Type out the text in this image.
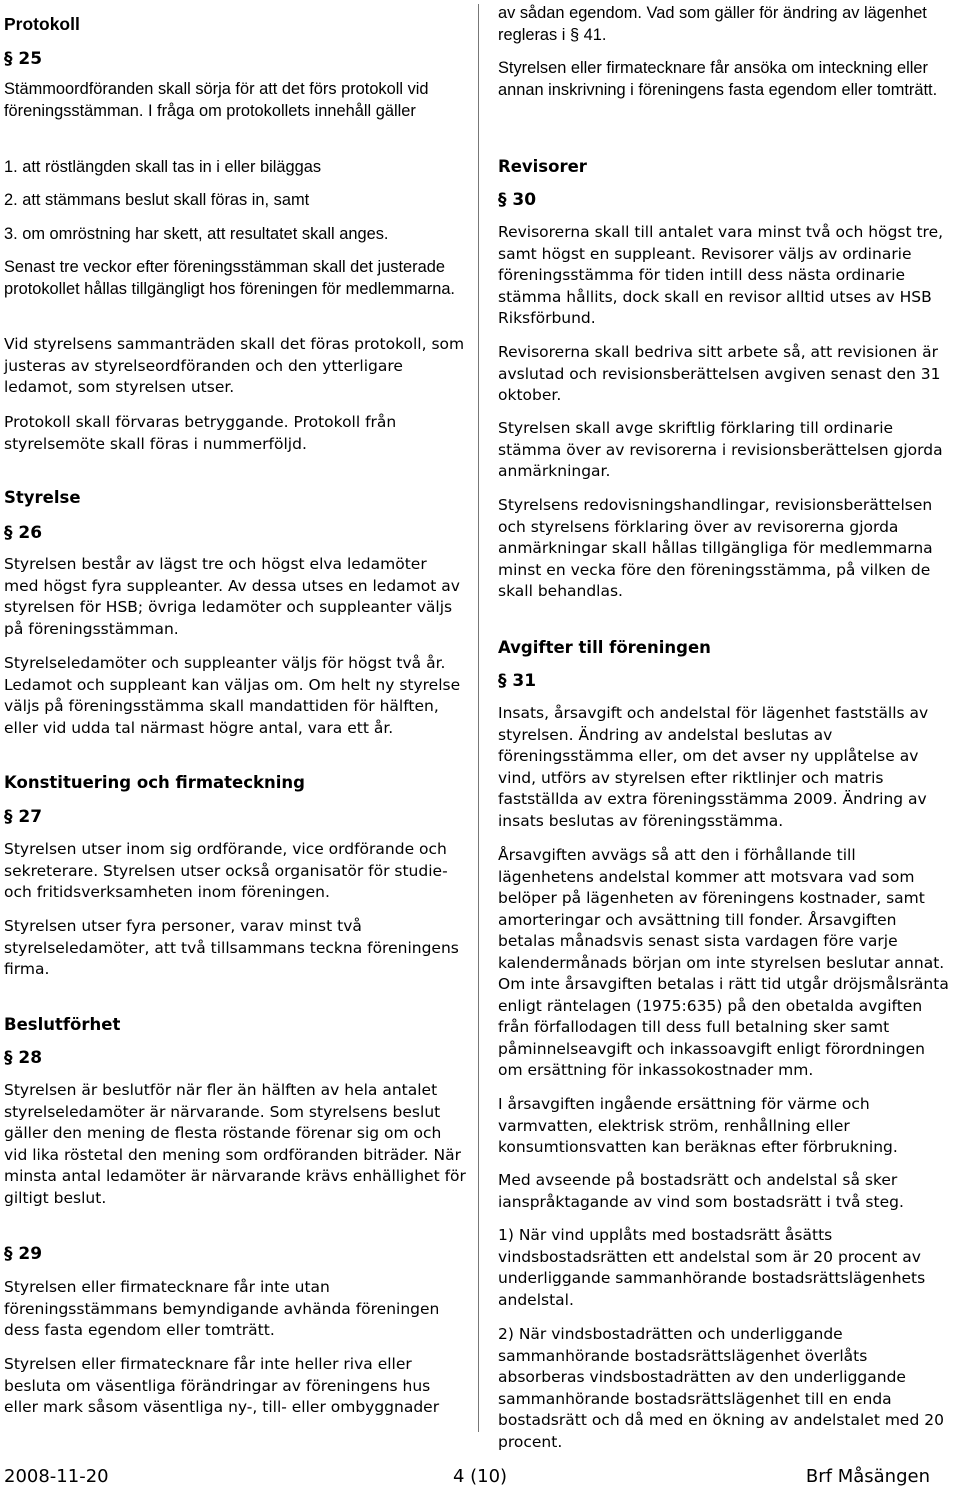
Protokoll
§ 25

Stämmoordföranden skall sörja för att det förs protokoll vid föreningsstämman. I fråga om protokollets innehåll gäller

1. att röstlängden skall tas in i eller biläggas

2. att stämmans beslut skall föras in, samt

3. om omröstning har skett, att resultatet skall anges.

Senast tre veckor efter föreningsstämman skall det justerade protokollet hållas tillgängligt hos föreningen för medlemmarna.

Vid styrelsens sammanträden skall det föras protokoll, som justeras av styrelseordföranden och den ytterligare ledamot, som styrelsen utser.

Protokoll skall förvaras betryggande. Protokoll från styrelsemöte skall föras i nummerföljd.

Styrelse
§ 26

Styrelsen består av lägst tre och högst elva ledamöter med högst fyra suppleanter. Av dessa utses en ledamot av styrelsen för HSB; övriga ledamöter och suppleanter väljs på föreningsstämman.

Styrelseledamöter och suppleanter väljs för högst två år. Ledamot och suppleant kan väljas om. Om helt ny styrelse väljs på föreningsstämma skall mandattiden för hälften, eller vid udda tal närmast högre antal, vara ett år.

Konstituering och firmateckning
§ 27

Styrelsen utser inom sig ordförande, vice ordförande och sekreterare. Styrelsen utser också organisatör för studie- och fritidsverksamheten inom föreningen.

Styrelsen utser fyra personer, varav minst två styrelseledamöter, att två tillsammans teckna föreningens firma.

Beslutförhet
§ 28

Styrelsen är beslutför när fler än hälften av hela antalet styrelseledamöter är närvarande. Som styrelsens beslut gäller den mening de flesta röstande förenar sig om och vid lika röstetal den mening som ordföranden biträder. När minsta antal ledamöter är närvarande krävs enhällighet för giltigt beslut.

§ 29

Styrelsen eller firmatecknare får inte utan föreningsstämmans bemyndigande avhända föreningen dess fasta egendom eller tomträtt.

Styrelsen eller firmatecknare får inte heller riva eller besluta om väsentliga förändringar av föreningens hus eller mark såsom väsentliga ny-, till- eller ombyggnader

av sådan egendom. Vad som gäller för ändring av lägenhet regleras i § 41.

Styrelsen eller firmatecknare får ansöka om inteckning eller annan inskrivning i föreningens fasta egendom eller tomträtt.

Revisorer
§ 30

Revisorerna skall till antalet vara minst två och högst tre, samt högst en suppleant. Revisorer väljs av ordinarie föreningsstämma för tiden intill dess nästa ordinarie stämma hållits, dock skall en revisor alltid utses av HSB Riksförbund.

Revisorerna skall bedriva sitt arbete så, att revisionen är avslutad och revisionsberättelsen avgiven senast den 31 oktober.

Styrelsen skall avge skriftlig förklaring till ordinarie stämma över av revisorerna i revisionsberättelsen gjorda anmärkningar.

Styrelsens redovisningshandlingar, revisionsberättelsen och styrelsens förklaring över av revisorerna gjorda anmärkningar skall hållas tillgängliga för medlemmarna minst en vecka före den föreningsstämma, på vilken de skall behandlas.

Avgifter till föreningen
§ 31

Insats, årsavgift och andelstal för lägenhet fastställs av styrelsen. Ändring av andelstal beslutas av föreningsstämma eller, om det avser ny upplåtelse av vind, utförs av styrelsen efter riktlinjer och matris fastställda av extra föreningsstämma 2009. Ändring av insats beslutas av föreningsstämma.

Årsavgiften avvägs så att den i förhållande till lägenhetens andelstal kommer att motsvara vad som belöper på lägenheten av föreningens kostnader, samt amorteringar och avsättning till fonder. Årsavgiften betalas månadsvis senast sista vardagen före varje kalendermånads början om inte styrelsen beslutar annat. Om inte årsavgiften betalas i rätt tid utgår dröjsmålsränta enligt räntelagen (1975:635) på den obetalda avgiften från förfallodagen till dess full betalning sker samt påminnelseavgift och inkassoavgift enligt förordningen om ersättning för inkassokostnader mm.

I årsavgiften ingående ersättning för värme och varmvatten, elektrisk ström, renhållning eller konsumtionsvatten kan beräknas efter förbrukning.

Med avseende på bostadsrätt och andelstal så sker ianspråktagande av vind som bostadsrätt i två steg.

1) När vind upplåts med bostadsrätt åsätts vindsbostadsrätten ett andelstal som är 20 procent av underliggande sammanhörande bostadsrättslägenhets andelstal.

2) När vindsbostadrätten och underliggande sammanhörande bostadsrättslägenhet överlåts absorberas vindsbostadrätten av den underliggande sammanhörande bostadsrättslägenhet till en enda bostadsrätt och då med en ökning av andelstalet med 20 procent.

2008-11-20	4 (10)	Brf Måsängen
